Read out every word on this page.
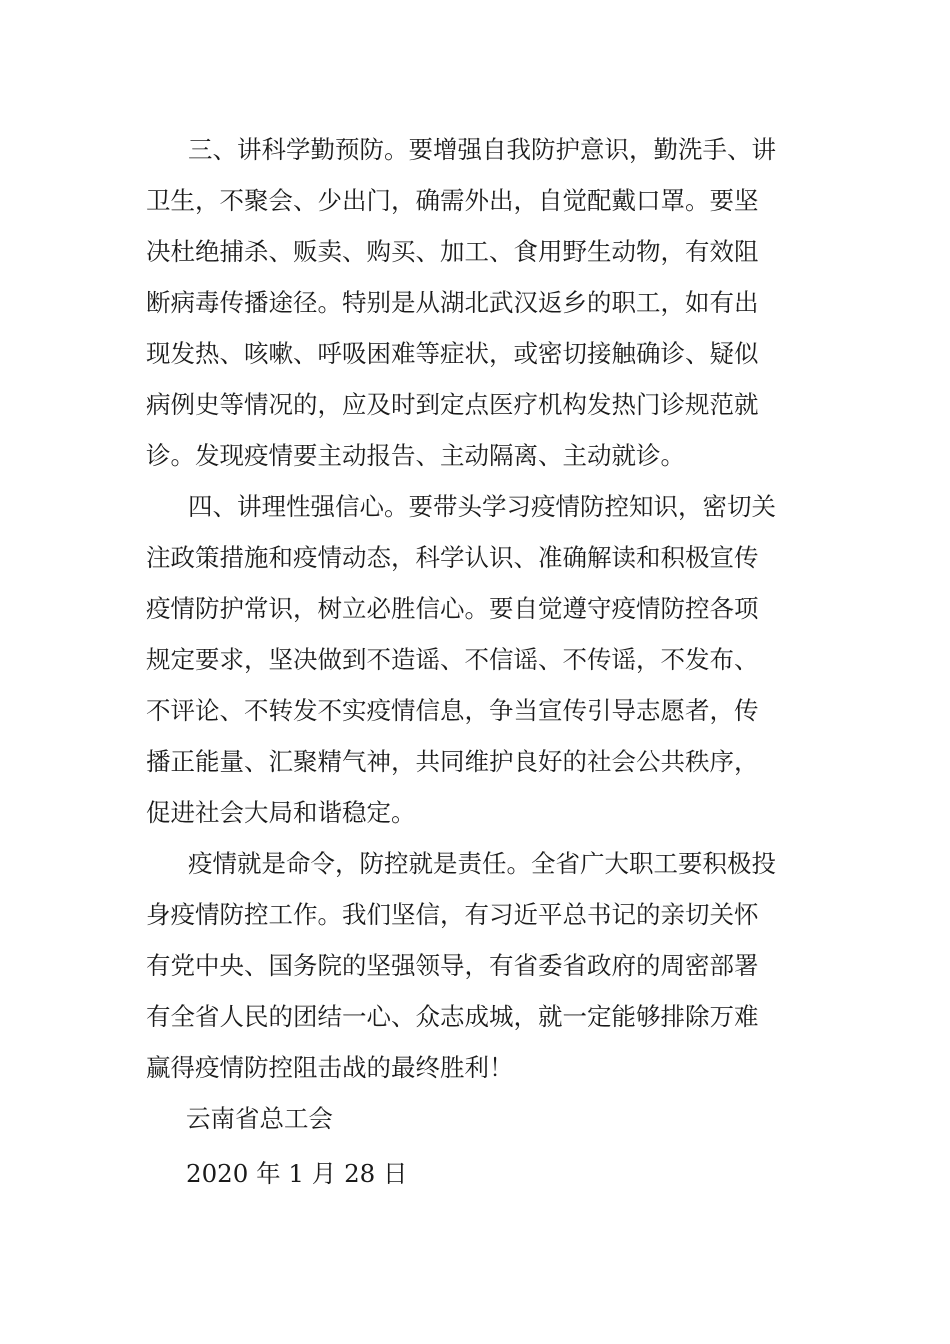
三、讲科学勤预防。要增强自我防护意识，勤洗手、讲
卫生，不聚会、少出门，确需外出，自觉配戴口罩。要坚
决杜绝捕杀、贩卖、购买、加工、食用野生动物，有效阻
断病毒传播途径。特别是从湖北武汉返乡的职工，如有出
现发热、咳嗽、呼吸困难等症状，或密切接触确诊、疑似
病例史等情况的，应及时到定点医疗机构发热门诊规范就
诊。发现疫情要主动报告、主动隔离、主动就诊。

四、讲理性强信心。要带头学习疫情防控知识，密切关
注政策措施和疫情动态，科学认识、准确解读和积极宣传
疫情防护常识，树立必胜信心。要自觉遵守疫情防控各项
规定要求，坚决做到不造谣、不信谣、不传谣，不发布、
不评论、不转发不实疫情信息，争当宣传引导志愿者，传
播正能量、汇聚精气神，共同维护良好的社会公共秩序，
促进社会大局和谐稳定。

疫情就是命令，防控就是责任。全省广大职工要积极投
身疫情防控工作。我们坚信，有习近平总书记的亲切关怀
有党中央、国务院的坚强领导，有省委省政府的周密部署
有全省人民的团结一心、众志成城，就一定能够排除万难
赢得疫情防控阻击战的最终胜利！

云南省总工会

2020 年 1 月 28 日
